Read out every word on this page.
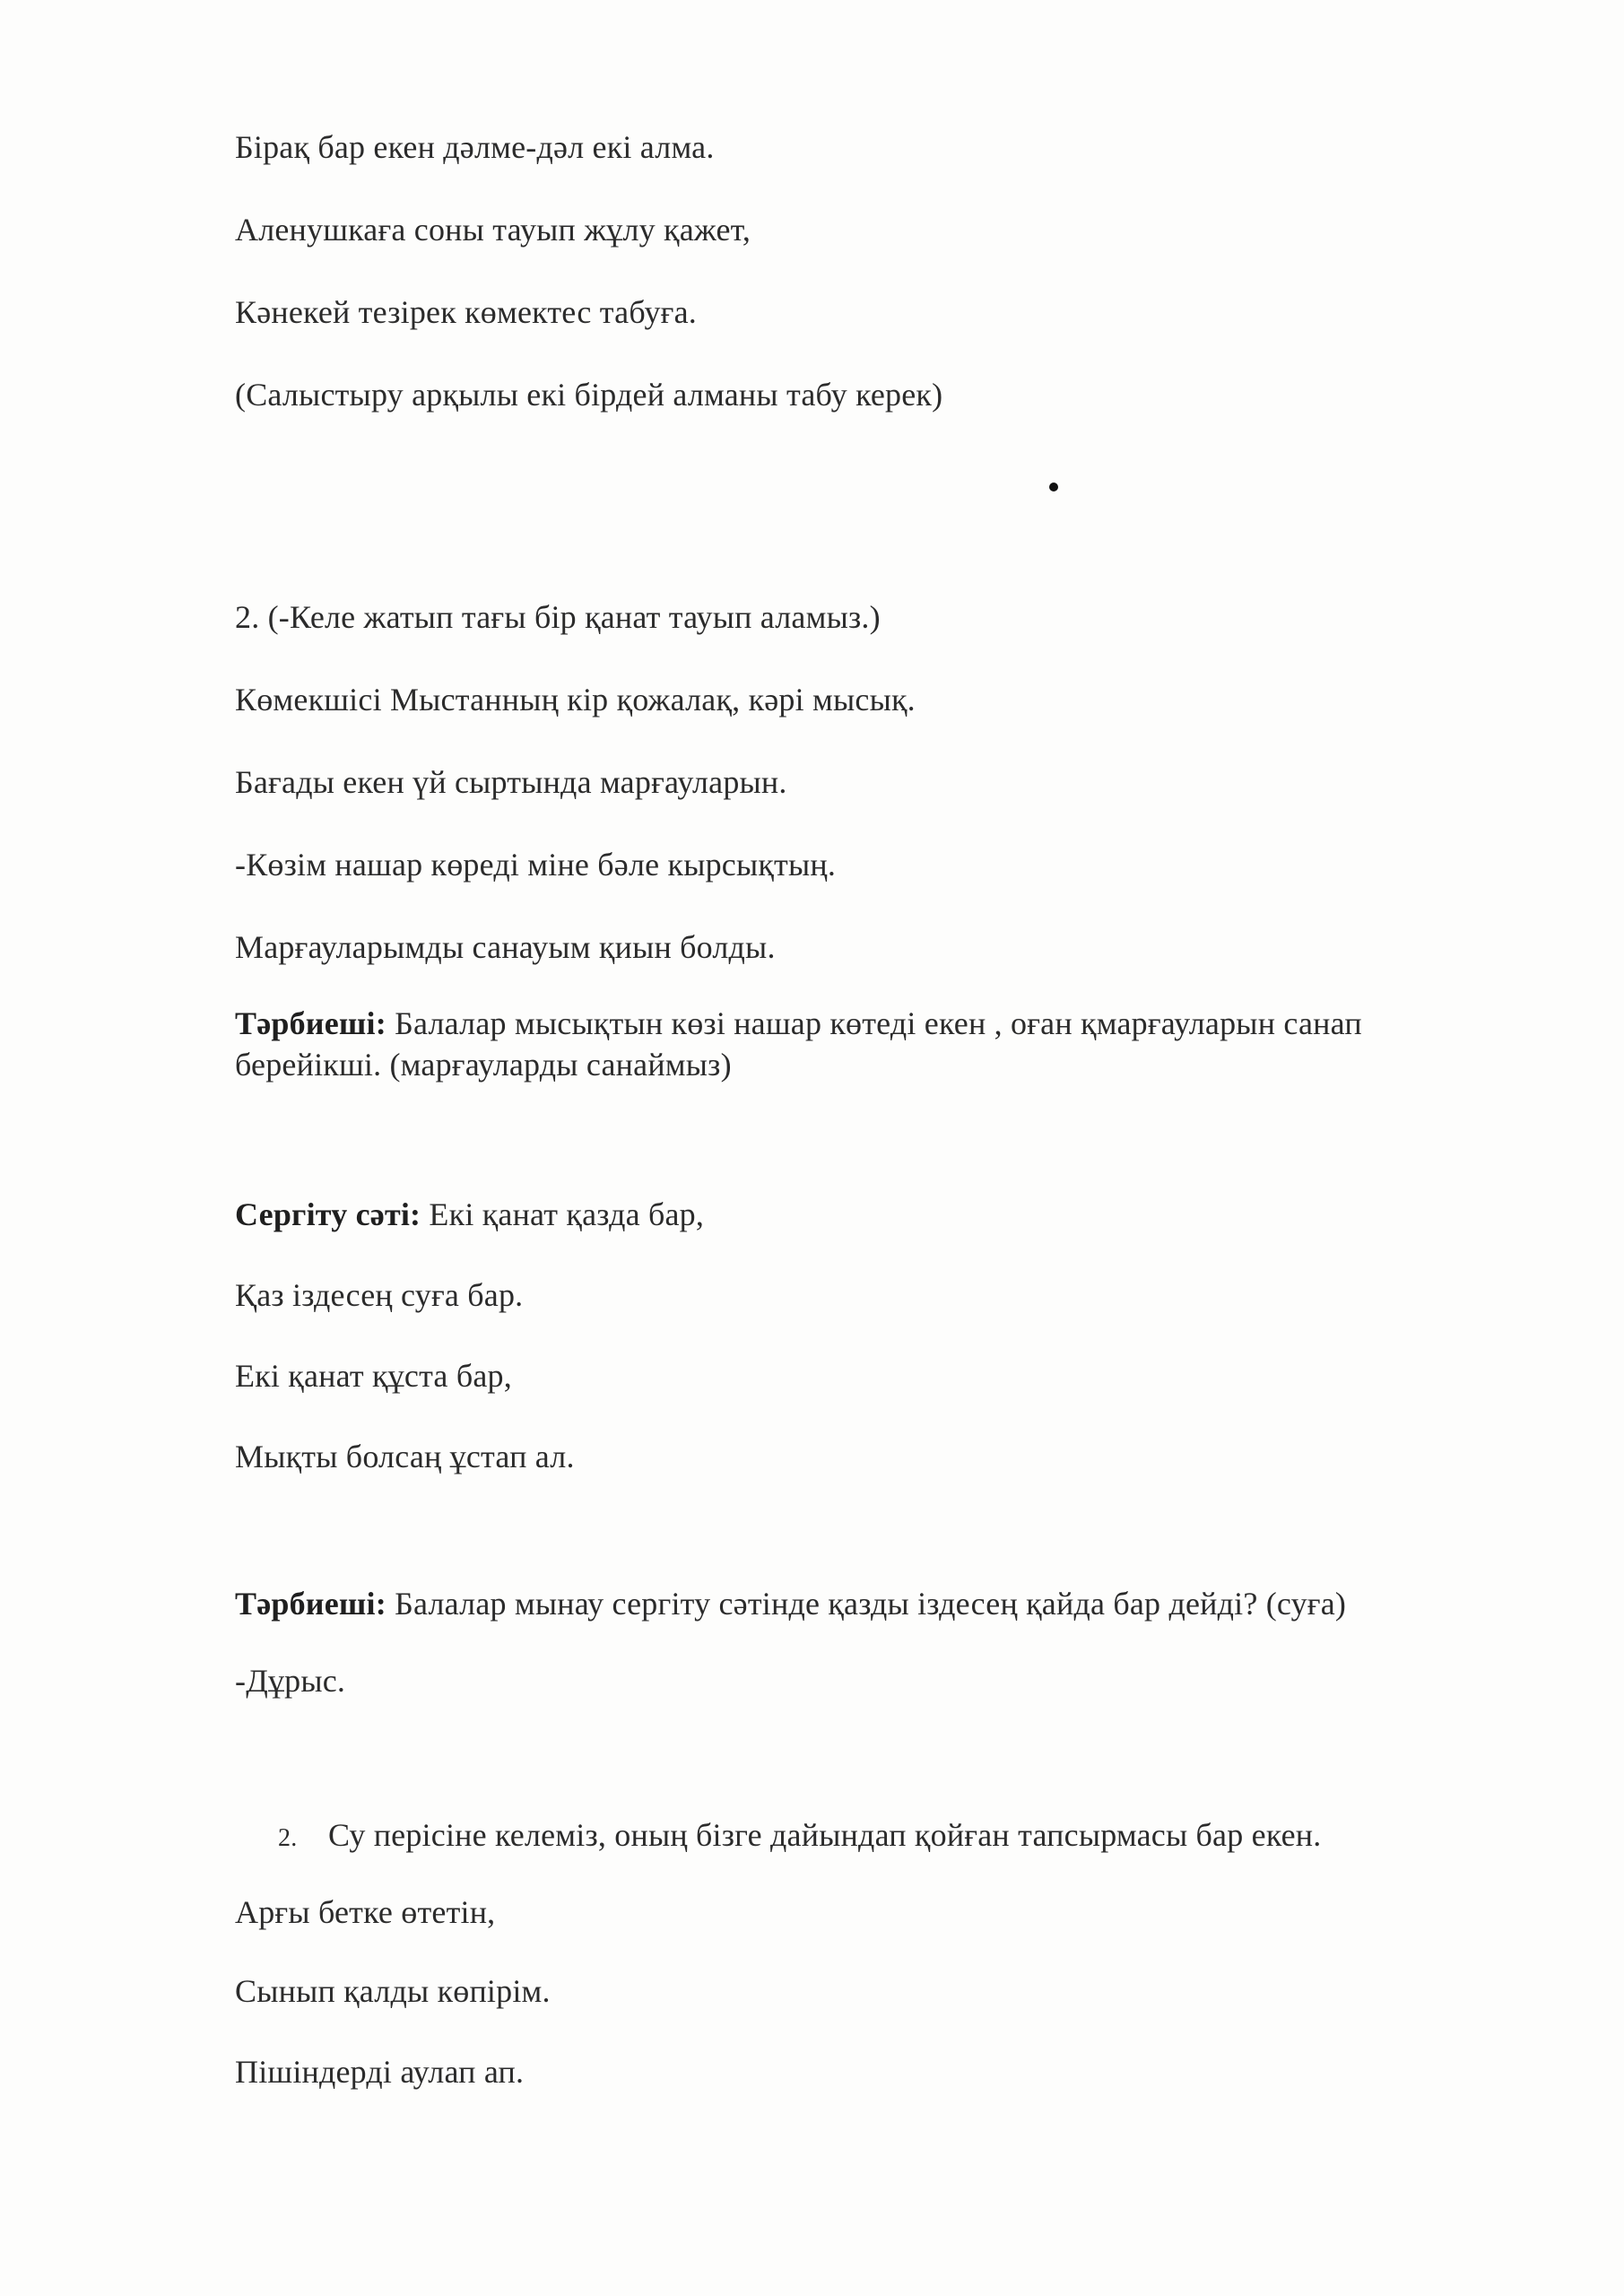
Бірақ бар екен дәлме-дәл екі алма.
Аленушкаға соны тауып жұлу қажет,
Кәнекей тезірек көмектес табуға.
(Салыстыру арқылы екі бірдей алманы табу керек)
2. (-Келе жатып тағы бір қанат тауып аламыз.)
Көмекшісі Мыстанның кір қожалақ, кәрі мысық.
Бағады екен үй сыртында марғауларын.
-Көзім нашар көреді міне бәле кырсықтың.
Марғауларымды санауым қиын болды.
Тәрбиеші: Балалар мысықтын көзі нашар көтеді екен , оған қмарғауларын санап берейікші. (марғауларды санаймыз)
Сергіту сәті: Екі қанат қазда бар,
Қаз іздесең суға бар.
Екі қанат құста бар,
Мықты болсаң ұстап ал.
Тәрбиеші: Балалар мынау сергіту сәтінде қазды іздесең қайда бар дейді? (суға)
-Дұрыс.
2. Су перісіне келеміз, оның бізге дайындап қойған тапсырмасы бар екен.
Арғы бетке өтетін,
Сынып қалды көпірім.
Пішіндерді аулап ап.
